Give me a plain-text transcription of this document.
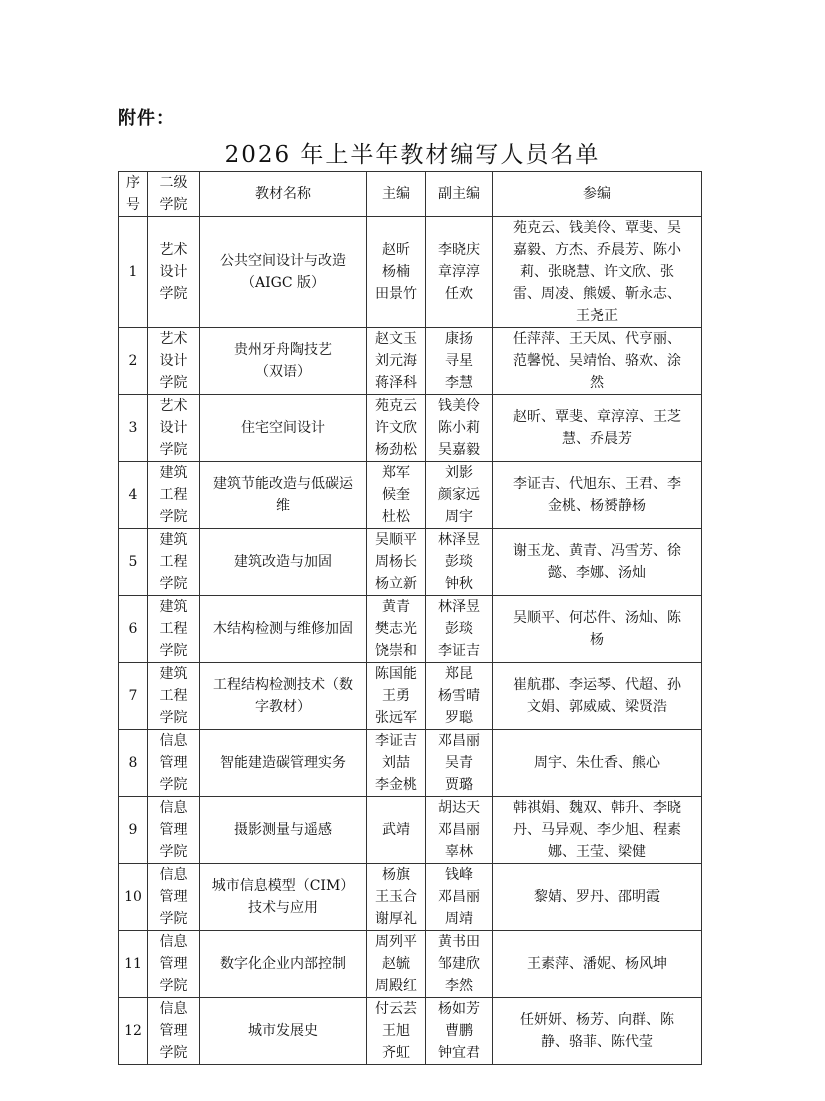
附件：
2026 年上半年教材编写人员名单
序
号	二级
学院	教材名称	主编	副主编	参编
1	艺术
设计
学院	公共空间设计与改造
（AIGC 版）	赵昕
杨楠
田景竹	李晓庆
章淳淳
任欢	苑克云、钱美伶、覃斐、吴
嘉毅、方杰、乔晨芳、陈小
莉、张晓慧、许文欣、张
雷、周凌、熊媛、靳永志、
王尧正

2	艺术
设计
学院	贵州牙舟陶技艺
（双语）	赵文玉
刘元海
蒋泽科	康扬
寻星
李慧	任萍萍、王天凤、代亨丽、
范馨悦、吴靖怡、骆欢、涂
然

3	艺术
设计
学院	住宅空间设计	苑克云
许文欣
杨劲松	钱美伶
陈小莉
吴嘉毅	赵昕、覃斐、章淳淳、王芝
慧、乔晨芳

4	建筑
工程
学院	建筑节能改造与低碳运
维	郑军
候奎
杜松	刘影
颜家远
周宇	李证吉、代旭东、王君、李
金桃、杨赟静杨

5	建筑
工程
学院	建筑改造与加固	吴顺平
周杨长
杨立新	林泽昱
彭琰
钟秋	谢玉龙、黄青、冯雪芳、徐
懿、李娜、汤灿

6	建筑
工程
学院	木结构检测与维修加固	黄青
樊志光
饶崇和	林泽昱
彭琰
李证吉	吴顺平、何芯件、汤灿、陈
杨

7	建筑
工程
学院	工程结构检测技术（数
字教材）	陈国能
王勇
张远军	郑昆
杨雪晴
罗聪	崔航郡、李运琴、代超、孙
文娟、郭威威、梁贤浩

8	信息
管理
学院	智能建造碳管理实务	李证吉
刘喆
李金桃	邓昌丽
吴青
贾璐	周宇、朱仕香、熊心

9	信息
管理
学院	摄影测量与遥感	武靖	胡达天
邓昌丽
辜林	韩祺娟、魏双、韩升、李晓
丹、马异观、李少旭、程素
娜、王莹、梁健

10	信息
管理
学院	城市信息模型（CIM）
技术与应用	杨旗
王玉合
谢厚礼	钱峰
邓昌丽
周靖	黎婧、罗丹、邵明霞

11	信息
管理
学院	数字化企业内部控制	周列平
赵毓
周殿红	黄书田
邹建欣
李然	王素萍、潘妮、杨风坤

12	信息
管理
学院	城市发展史	付云芸
王旭
齐虹	杨如芳
曹鹏
钟宜君	任妍妍、杨芳、向群、陈
静、骆菲、陈代莹
